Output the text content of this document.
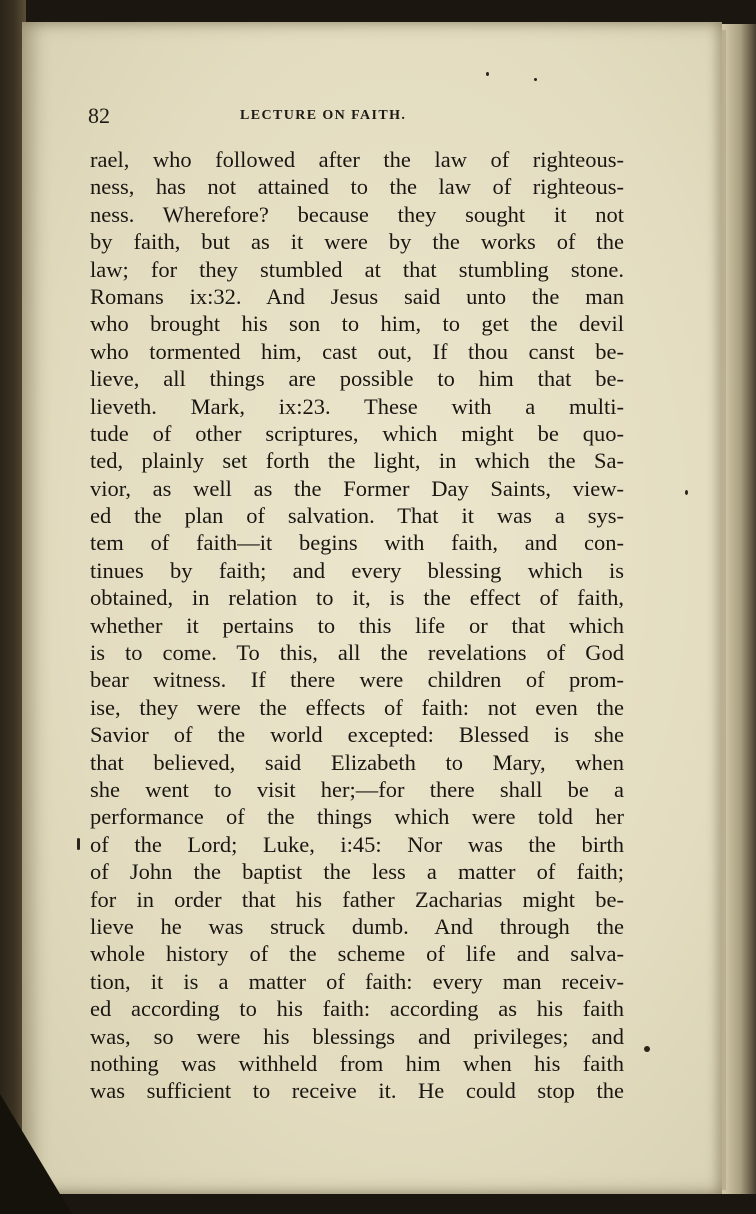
82	LECTURE ON FAITH.
rael, who followed after the law of righteous-
ness, has not attained to the law of righteous-
ness. Wherefore? because they sought it not
by faith, but as it were by the works of the
law; for they stumbled at that stumbling stone.
Romans ix:32. And Jesus said unto the man
who brought his son to him, to get the devil
who tormented him, cast out, If thou canst be-
lieve, all things are possible to him that be-
lieveth. Mark, ix:23. These with a multi-
tude of other scriptures, which might be quo-
ted, plainly set forth the light, in which the Sa-
vior, as well as the Former Day Saints, view-
ed the plan of salvation. That it was a sys-
tem of faith—it begins with faith, and con-
tinues by faith; and every blessing which is
obtained, in relation to it, is the effect of faith,
whether it pertains to this life or that which
is to come. To this, all the revelations of God
bear witness. If there were children of prom-
ise, they were the effects of faith: not even the
Savior of the world excepted: Blessed is she
that believed, said Elizabeth to Mary, when
she went to visit her;—for there shall be a
performance of the things which were told her
of the Lord; Luke, i:45: Nor was the birth
of John the baptist the less a matter of faith;
for in order that his father Zacharias might be-
lieve he was struck dumb. And through the
whole history of the scheme of life and salva-
tion, it is a matter of faith: every man receiv-
ed according to his faith: according as his faith
was, so were his blessings and privileges; and
nothing was withheld from him when his faith
was sufficient to receive it. He could stop the
